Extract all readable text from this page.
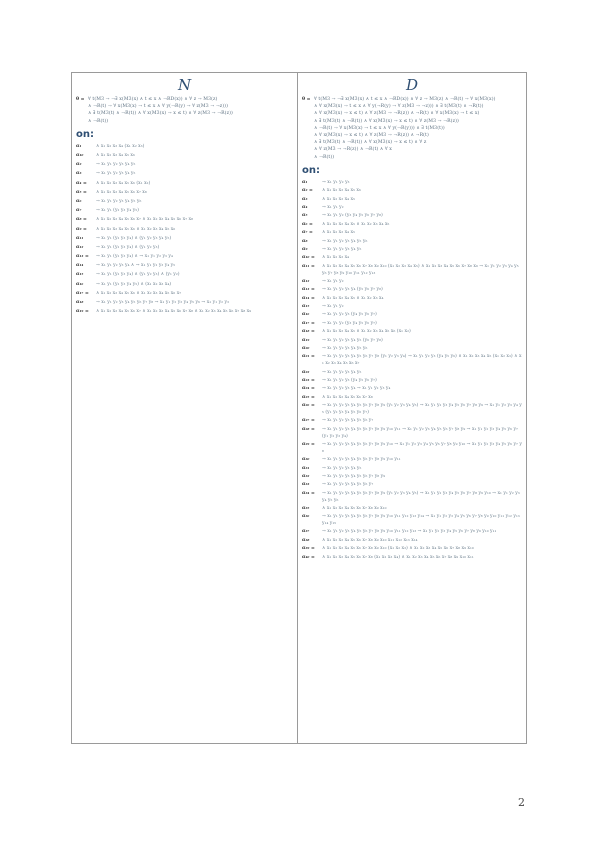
N
θ = ∀ t(M3 → ¬∃ x(M3(x) ∧ t ≤ x ∧ ¬RD(x)) ∧ ∀ z → M3(z)
∧ ¬R(t) → ∀ x(M3(x) → t ≤ x ∧ ∀ y(¬R(y) → ∀ z(M3 → ¬z)))
∧ ∃ t(M3(t) ∧ ¬R(t)) ∧ ∀ x(M3(x) → x ≤ t) ∧ ∀ z(M3 → ¬R(z))
∧ ¬R(t))
on:
α₁	∧ x₁ x₂ x₃ x₄ (x₁ x₂ x₃)
α₁₀	∧ x₁ x₂ x₃ x₄ x₅ x₆
α₂	→ x₁ y₁ y₂ y₃ y₄ y₅
α₃	→ x₁ y₁ y₂ y₃ y₄ y₅
α₄ =	∧ x₁ x₂ x₃ x₄ x₅ x₆ (x₁ x₂)
α₅ =	∧ x₁ x₂ x₃ x₄ x₅ x₆ x₇ x₈
α₆	→ x₁ y₁ y₂ y₃ y₄ y₅ y₆
α₇	→ x₁ y₁ (y₂ y₃ y₄ y₅)
α₈ =	∧ x₁ x₂ x₃ x₄ x₅ x₆ x₇ ∧ x₁ x₂ x₃ x₄ x₅ x₆ x₇ x₈
α₉ =	∧ x₁ x₂ x₃ x₄ x₅ x₆ ∧ x₁ x₂ x₃ x₄ x₅ x₆
α₁₁	→ x₁ y₁ (y₂ y₃ y₄) ∧ (y₁ y₂ y₃ y₄ y₅)
α₁₂	→ x₁ y₁ (y₂ y₃ y₄) ∧ (y₁ y₂ y₃)
α₁₃ =	→ x₁ y₁ (y₂ y₃ y₄) ∧ → x₁ y₁ y₂ y₃ y₄
α₁₄	→ x₁ y₁ y₂ y₃ y₄ ∧ → x₁ y₁ y₂ y₃ y₄ y₅
α₁₅	→ x₁ y₁ (y₂ y₃ y₄) ∧ (y₁ y₂ y₃) ∧ (y₁ y₂)
α₁₆	→ x₁ y₁ (y₂ y₃ y₄ y₅) ∧ (x₁ x₂ x₃ x₄)
α₁₇ =	∧ x₁ x₂ x₃ x₄ x₅ x₆ ∧ x₁ x₂ x₃ x₄ x₅ x₆ x₇
α₁₈	→ x₁ y₁ y₂ y₃ y₄ y₅ y₆ y₇ y₈ → x₁ y₁ y₂ y₃ y₄ y₅ y₆ → x₁ y₁ y₂ y₃
α₁₉ =	∧ x₁ x₂ x₃ x₄ x₅ x₆ x₇ ∧ x₁ x₂ x₃ x₄ x₅ x₆ x₇ x₈ ∧ x₁ x₂ x₃ x₄ x₅ x₆ x₇ x₈ x₉
D
θ = ∀ t(M3 → ¬∃ x(M3(x) ∧ t ≤ x ∧ ¬RD(x)) ∧ ∀ z → M3(z) ∧ ¬R(t) → ∀ x(M3(x))
∧ ∀ x(M3(x) → t ≤ x ∧ ∀ y(¬R(y) → ∀ z(M3 → ¬z))) ∧ ∃ t(M3(t) ∧ ¬R(t))
∧ ∀ x(M3(x) → x ≤ t) ∧ ∀ z(M3 → ¬R(z)) ∧ ¬R(t) ∧ ∀ x(M3(x) → t ≤ x)
∧ ∃ t(M3(t) ∧ ¬R(t)) ∧ ∀ x(M3(x) → x ≤ t) ∧ ∀ z(M3 → ¬R(z))
∧ ¬R(t) → ∀ x(M3(x) → t ≤ x ∧ ∀ y(¬R(y))) ∧ ∃ t(M3(t))
∧ ∀ x(M3(x) → x ≤ t) ∧ ∀ z(M3 → ¬R(z)) ∧ ¬R(t)
∧ ∃ t(M3(t) ∧ ¬R(t)) ∧ ∀ x(M3(x) → x ≤ t) ∧ ∀ z
∧ ∀ z(M3 → ¬R(z)) ∧ ¬R(t) ∧ ∀ x
∧ ¬R(t))
on:
α₁	→ x₁ y₁ y₂ y₃
α₂ =	∧ x₁ x₂ x₃ x₄ x₅ x₆
α₃	∧ x₁ x₂ x₃ x₄ x₅
α₄	→ x₁ y₁ y₂
α₅	→ x₁ y₁ y₂ (y₃ y₄ y₅ y₆ y₇ y₈)
α₆ =	∧ x₁ x₂ x₃ x₄ x₅ ∧ x₁ x₂ x₃ x₄ x₅
α₇ =	∧ x₁ x₂ x₃ x₄ x₅
α₈	→ x₁ y₁ y₂ y₃ y₄ y₅ y₆
α₉	→ x₁ y₁ y₂ y₃ y₄ y₅
α₁₀ =	∧ x₁ x₂ x₃ x₄
α₁₁ =	∧ x₁ x₂ x₃ x₄ x₅ x₆ x₇ x₈ x₉ x₁₀ (x₁ x₂ x₃ x₄ x₅) ∧ x₁ x₂ x₃ x₄ x₅ x₆ x₇ x₈ x₉ → x₁ y₁ y₂ y₃ y₄ y₅ y₆ y₇ y₈ y₉ y₁₀ y₁₁ y₁₂ y₁₃
α₁₂	→ x₁ y₁ y₂
α₁₃ =	→ x₁ y₁ y₂ y₃ y₄ (y₅ y₆ y₇ y₈)
α₁₄ =	∧ x₁ x₂ x₃ x₄ x₅ ∧ x₁ x₂ x₃ x₄
α₁₅	→ x₁ y₁ y₂
α₁₆	→ x₁ y₁ y₂ y₃ (y₄ y₅ y₆ y₇)
α₁₇ =	→ x₁ y₁ y₂ (y₃ y₄ y₅ y₆ y₇)
α₁₈ =	∧ x₁ x₂ x₃ x₄ x₅ ∧ x₁ x₂ x₃ x₄ x₅ x₆ (x₁ x₂)
α₁₉	→ x₁ y₁ y₂ y₃ y₄ y₅ (y₆ y₇ y₈)
α₂₀	→ x₁ y₁ y₂ y₃ y₄ y₅ y₆
α₂₁ =	→ x₁ y₁ y₂ y₃ y₄ y₅ y₆ y₇ y₈ (y₁ y₂ y₃ y₄) → x₁ y₁ y₂ y₃ (y₄ y₅ y₆) ∧ x₁ x₂ x₃ x₄ x₅ (x₁ x₂ x₃) ∧ x₁ x₂ x₃ x₄ x₅ x₆ x₇
α₂₂	→ x₁ y₁ y₂ y₃ y₄ y₅
α₂₃ =	→ x₁ y₁ y₂ y₃ (y₄ y₅ y₆ y₇)
α₂₄ =	→ x₁ y₁ y₂ y₃ y₄ → x₁ y₁ y₂ y₃ y₄
α₂₅ =	∧ x₁ x₂ x₃ x₄ x₅ x₆ x₇ x₈
α₂₆ =	→ x₁ y₁ y₂ y₃ y₄ y₅ y₆ y₇ y₈ y₉ (y₁ y₂ y₃ y₄ y₅) → x₁ y₁ y₂ y₃ y₄ y₅ y₆ y₇ y₈ y₉ → x₁ y₁ y₂ y₃ y₄ y₅ (y₁ y₂ y₃ y₄ y₅ y₆ y₇)
α₂₇ =	→ x₁ y₁ y₂ y₃ y₄ y₅ y₆ y₇
α₂₈ =	→ x₁ y₁ y₂ y₃ y₄ y₅ y₆ y₇ y₈ y₉ y₁₀ y₁₁ → x₁ y₁ y₂ y₃ y₄ y₅ y₆ y₇ y₈ y₉ → x₁ y₁ y₂ y₃ y₄ y₅ y₆ y₇ (y₁ y₂ y₃ y₄)
α₂₉ =	→ x₁ y₁ y₂ y₃ y₄ y₅ y₆ y₇ y₈ y₉ y₁₀ → x₁ y₁ y₂ y₃ y₄ y₅ y₆ y₇ y₈ y₉ y₁₀ → x₁ y₁ y₂ y₃ y₄ y₅ y₆ y₇ y₈
α₃₀	→ x₁ y₁ y₂ y₃ y₄ y₅ y₆ y₇ y₈ y₉ y₁₀ y₁₁
α₃₁	→ x₁ y₁ y₂ y₃ y₄ y₅
α₃₂	→ x₁ y₁ y₂ y₃ y₄ y₅ y₆ y₇ y₈ y₉
α₃₃	→ x₁ y₁ y₂ y₃ y₄ y₅ y₆ y₇
α₃₄ =	→ x₁ y₁ y₂ y₃ y₄ y₅ y₆ y₇ y₈ y₉ (y₁ y₂ y₃ y₄ y₅) → x₁ y₁ y₂ y₃ y₄ y₅ y₆ y₇ y₈ y₉ y₁₀ → x₁ y₁ y₂ y₃ y₄ y₅ y₆
α₃₅	∧ x₁ x₂ x₃ x₄ x₅ x₆ x₇ x₈ x₉ x₁₀
α₃₆	→ x₁ y₁ y₂ y₃ y₄ y₅ y₆ y₇ y₈ y₉ y₁₀ y₁₁ y₁₂ y₁₃ y₁₄ → x₁ y₁ y₂ y₃ y₄ y₅ y₆ y₇ y₈ y₉ y₁₀ y₁₁ y₁₂ y₁₃ y₁₄ y₁₅
α₃₇	→ x₁ y₁ y₂ y₃ y₄ y₅ y₆ y₇ y₈ y₉ y₁₀ y₁₁ y₁₂ y₁₃ → x₁ y₁ y₂ y₃ y₄ y₅ y₆ y₇ y₈ y₉ y₁₀ y₁₁
α₃₈	∧ x₁ x₂ x₃ x₄ x₅ x₆ x₇ x₈ x₉ x₁₀ x₁₁ x₁₂ x₁₃ x₁₄
α₃₉ =	∧ x₁ x₂ x₃ x₄ x₅ x₆ x₇ x₈ x₉ x₁₀ (x₁ x₂ x₃) ∧ x₁ x₂ x₃ x₄ x₅ x₆ x₇ x₈ x₉ x₁₀
α₄₀ =	∧ x₁ x₂ x₃ x₄ x₅ x₆ x₇ x₈ (x₁ x₂ x₃ x₄) ∧ x₁ x₂ x₃ x₄ x₅ x₆ x₇ x₈ x₉ x₁₀ x₁₁
2
